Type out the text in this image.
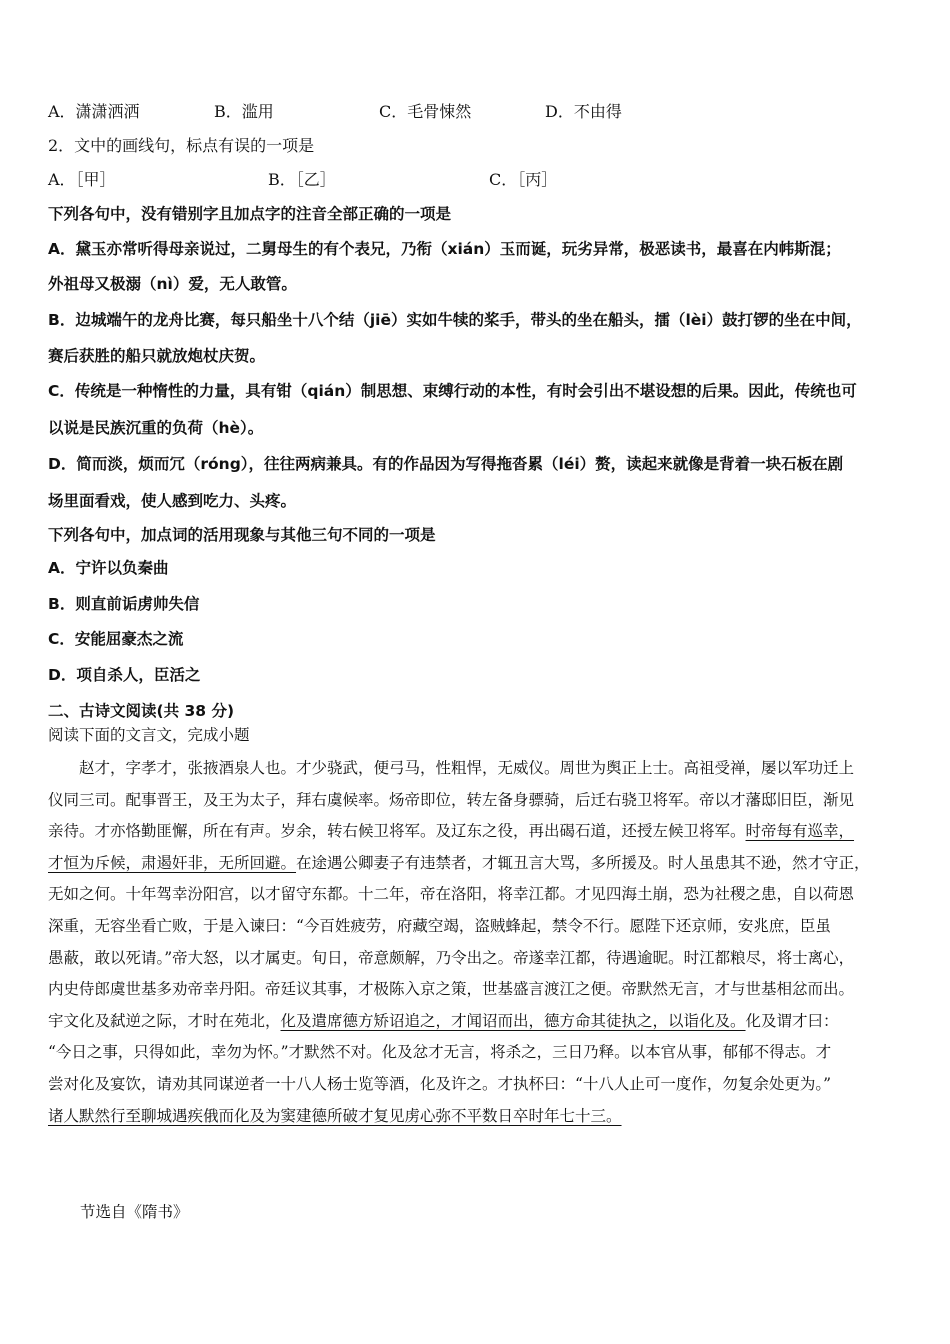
A．潇潇洒洒	B．滥用	C．毛骨悚然	D．不由得
2．文中的画线句，标点有误的一项是
A．［甲］	B．［乙］	C．［丙］
下列各句中，没有错别字且加点字的注音全部正确的一项是
A．黛玉亦常听得母亲说过，二舅母生的有个表兄，乃衔（xián）玉而诞，玩劣异常，极恶读书，最喜在内帏斯混；
外祖母又极溺（nì）爱，无人敢管。
B．边城端午的龙舟比赛，每只船坐十八个结（jiē）实如牛犊的桨手，带头的坐在船头，擂（lèi）鼓打锣的坐在中间，
赛后获胜的船只就放炮杖庆贺。
C．传统是一种惰性的力量，具有钳（qián）制思想、束缚行动的本性，有时会引出不堪设想的后果。因此，传统也可
以说是民族沉重的负荷（hè）。
D．简而淡，烦而冗（róng），往往两病兼具。有的作品因为写得拖沓累（léi）赘，读起来就像是背着一块石板在剧
场里面看戏，使人感到吃力、头疼。
下列各句中，加点词的活用现象与其他三句不同的一项是
A．宁许以负秦曲
B．则直前诟虏帅失信
C．安能屈豪杰之流
D．项自杀人，臣活之
二、古诗文阅读(共 38 分)
阅读下面的文言文，完成小题
赵才，字孝才，张掖酒泉人也。才少骁武，便弓马，性粗悍，无威仪。周世为舆正上士。高祖受禅，屡以军功迁上
仪同三司。配事晋王，及王为太子，拜右虞候率。炀帝即位，转左备身骠骑，后迁右骁卫将军。帝以才藩邸旧臣，渐见
亲待。才亦恪勤匪懈，所在有声。岁余，转右候卫将军。及辽东之役，再出碣石道，还授左候卫将军。时帝每有巡幸，
才恒为斥候，肃遏奸非，无所回避。在途遇公卿妻子有违禁者，才辄丑言大骂，多所援及。时人虽患其不逊，然才守正，
无如之何。十年驾幸汾阳宫，以才留守东都。十二年，帝在洛阳，将幸江都。才见四海土崩，恐为社稷之患，自以荷恩
深重，无容坐看亡败，于是入谏曰：“今百姓疲劳，府藏空竭，盗贼蜂起，禁令不行。愿陛下还京师，安兆庶，臣虽
愚蔽，敢以死请。”帝大怒，以才属吏。旬日，帝意颇解，乃令出之。帝遂幸江都，待遇逾昵。时江都粮尽，将士离心，
内史侍郎虞世基多劝帝幸丹阳。帝廷议其事，才极陈入京之策，世基盛言渡江之便。帝默然无言，才与世基相忿而出。
宇文化及弑逆之际，才时在苑北，化及遣席德方矫诏追之，才闻诏而出，德方命其徒执之，以诣化及。化及谓才曰：
“今日之事，只得如此，幸勿为怀。”才默然不对。化及忿才无言，将杀之，三日乃释。以本官从事，郁郁不得志。才
尝对化及宴饮，请劝其同谋逆者一十八人杨士览等酒，化及许之。才执杯曰：“十八人止可一度作，勿复余处更为。”
诸人默然行至聊城遇疾俄而化及为窦建德所破才复见虏心弥不平数日卒时年七十三。
节选自《隋书》
